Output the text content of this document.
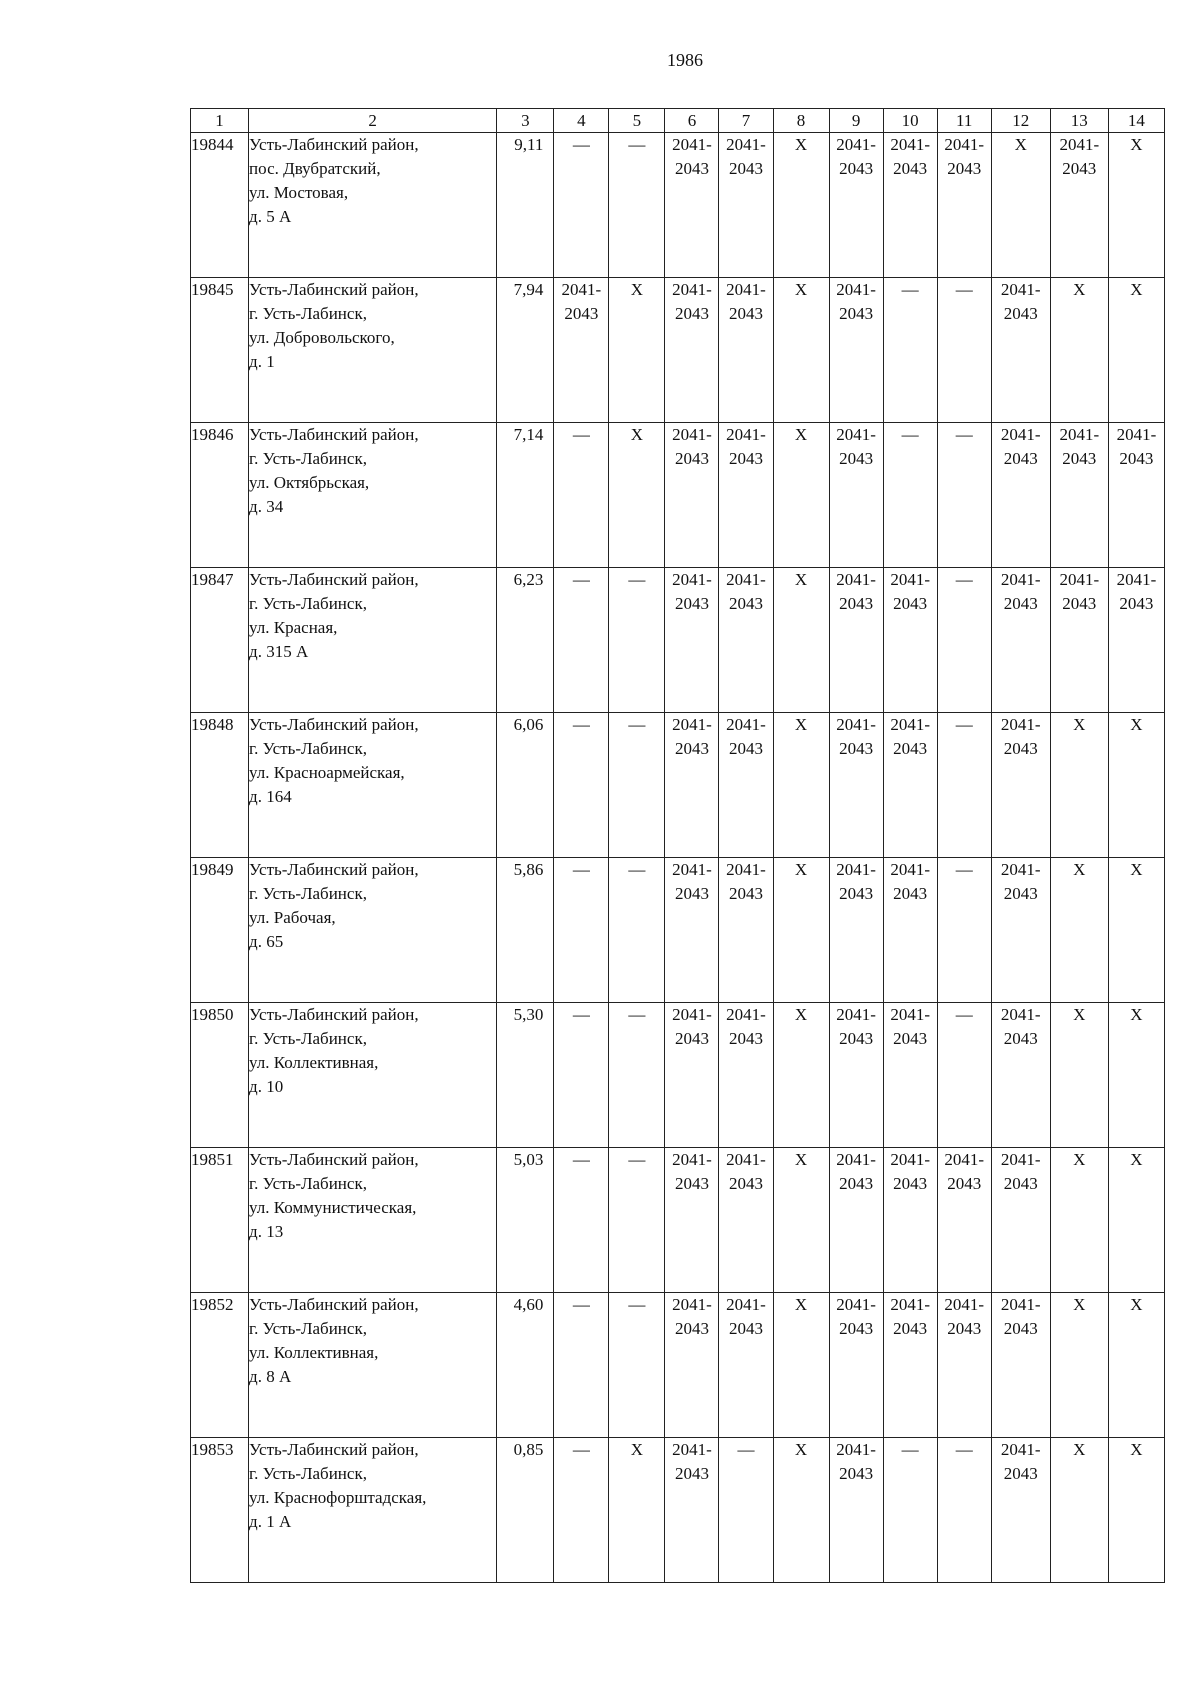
1986
1	2	3	4	5	6	7	8	9	10	11	12	13	14
19844	Усть-Лабинский район,
пос. Двубратский,
ул. Мостовая,
д. 5 А	9,11	—	—	2041-
2043	2041-
2043	X	2041-
2043	2041-
2043	2041-
2043	X	2041-
2043	X
19845	Усть-Лабинский район,
г. Усть-Лабинск,
ул. Добровольского,
д. 1	7,94	2041-
2043	X	2041-
2043	2041-
2043	X	2041-
2043	—	—	2041-
2043	X	X
19846	Усть-Лабинский район,
г. Усть-Лабинск,
ул. Октябрьская,
д. 34	7,14	—	X	2041-
2043	2041-
2043	X	2041-
2043	—	—	2041-
2043	2041-
2043	2041-
2043

19847	Усть-Лабинский район,
г. Усть-Лабинск,
ул. Красная,
д. 315 А	6,23	—	—	2041-
2043	2041-
2043	X	2041-
2043	2041-
2043	—	2041-
2043	2041-
2043	2041-
2043

19848	Усть-Лабинский район,
г. Усть-Лабинск,
ул. Красноармейская,
д. 164	6,06	—	—	2041-
2043	2041-
2043	X	2041-
2043	2041-
2043	—	2041-
2043	X	X
19849	Усть-Лабинский район,
г. Усть-Лабинск,
ул. Рабочая,
д. 65	5,86	—	—	2041-
2043	2041-
2043	X	2041-
2043	2041-
2043	—	2041-
2043	X	X
19850	Усть-Лабинский район,
г. Усть-Лабинск,
ул. Коллективная,
д. 10	5,30	—	—	2041-
2043	2041-
2043	X	2041-
2043	2041-
2043	—	2041-
2043	X	X
19851	Усть-Лабинский район,
г. Усть-Лабинск,
ул. Коммунистическая,
д. 13	5,03	—	—	2041-
2043	2041-
2043	X	2041-
2043	2041-
2043	2041-
2043	2041-
2043	X	X
19852	Усть-Лабинский район,
г. Усть-Лабинск,
ул. Коллективная,
д. 8 А	4,60	—	—	2041-
2043	2041-
2043	X	2041-
2043	2041-
2043	2041-
2043	2041-
2043	X	X
19853	Усть-Лабинский район,
г. Усть-Лабинск,
ул. Краснофорштадская,
д. 1 А	0,85	—	X	2041-
2043	—	X	2041-
2043	—	—	2041-
2043	X	X
